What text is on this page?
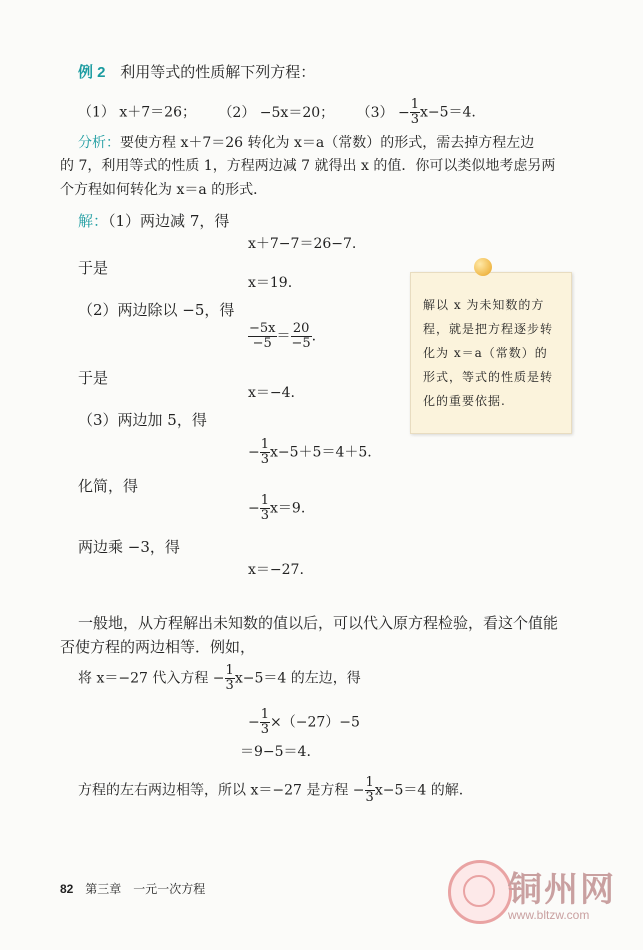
例 2 利用等式的性质解下列方程：
（1） x＋7＝26； （2） −5x＝20； $(3) - \frac{1}{3} x-5=4$.
分析：要使方程 x＋7＝26 转化为 x＝a（常数）的形式，需去掉方程左边
的 7，利用等式的性质 1，方程两边减 7 就得出 x 的值．你可以类似地考虑另两
个方程如何转化为 x＝a 的形式．
解：（1）两边减 7，得
x＋7−7＝26−7.
于是
x＝19.
（2）两边除以 −5，得
$\frac{-5x}{-5} = \frac{20}{-5}$ .
于是
x＝−4.
（3）两边加 5，得
− $\frac{1}{3} x-5+5=4+5$.
化简，得
− $\frac{1}{3} x=9$.
两边乘 −3，得
x＝−27.
解以 x 为未知数的方程，就是把方程逐步转化为 x＝a（常数）的形式，等式的性质是转化的重要依据.
一般地，从方程解出未知数的值以后，可以代入原方程检验，看这个值能
否使方程的两边相等．例如，
将 x＝−27 代入方程 − $\frac{1}{3} x-5=4$ 的左边，得
− $\frac{1}{3} \times(-27)-5$
＝9−5＝4.
方程的左右两边相等，所以 x＝−27 是方程 − $\frac{1}{3} x-5=4$ 的解.
82 第三章　一元一次方程	铜州网
www.bltzw.com
